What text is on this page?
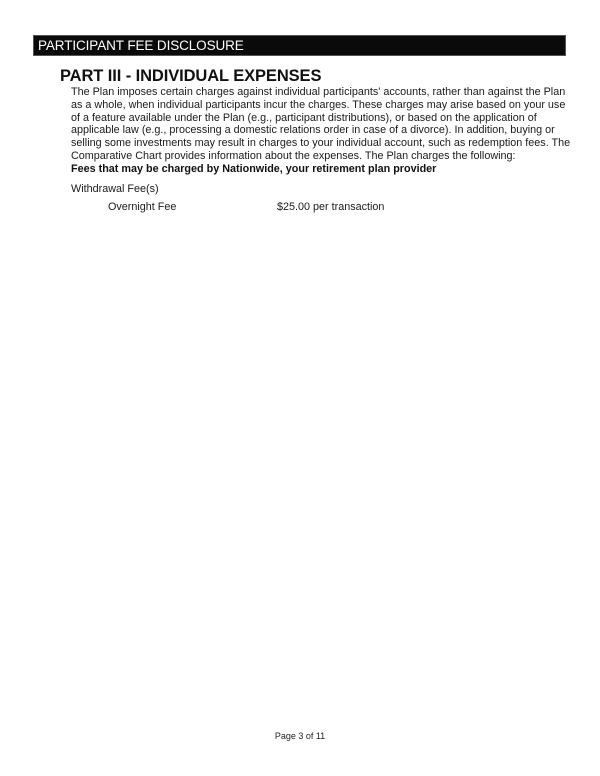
PARTICIPANT FEE DISCLOSURE
PART III - INDIVIDUAL EXPENSES

The Plan imposes certain charges against individual participants' accounts, rather than against the Plan
as a whole, when individual participants incur the charges. These charges may arise based on your use
of a feature available under the Plan (e.g., participant distributions), or based on the application of
applicable law (e.g., processing a domestic relations order in case of a divorce). In addition, buying or
selling some investments may result in charges to your individual account, such as redemption fees. The
Comparative Chart provides information about the expenses. The Plan charges the following:

Fees that may be charged by Nationwide, your retirement plan provider
Withdrawal Fee(s)
Overnight Fee	$25.00 per transaction
Page 3 of 11
